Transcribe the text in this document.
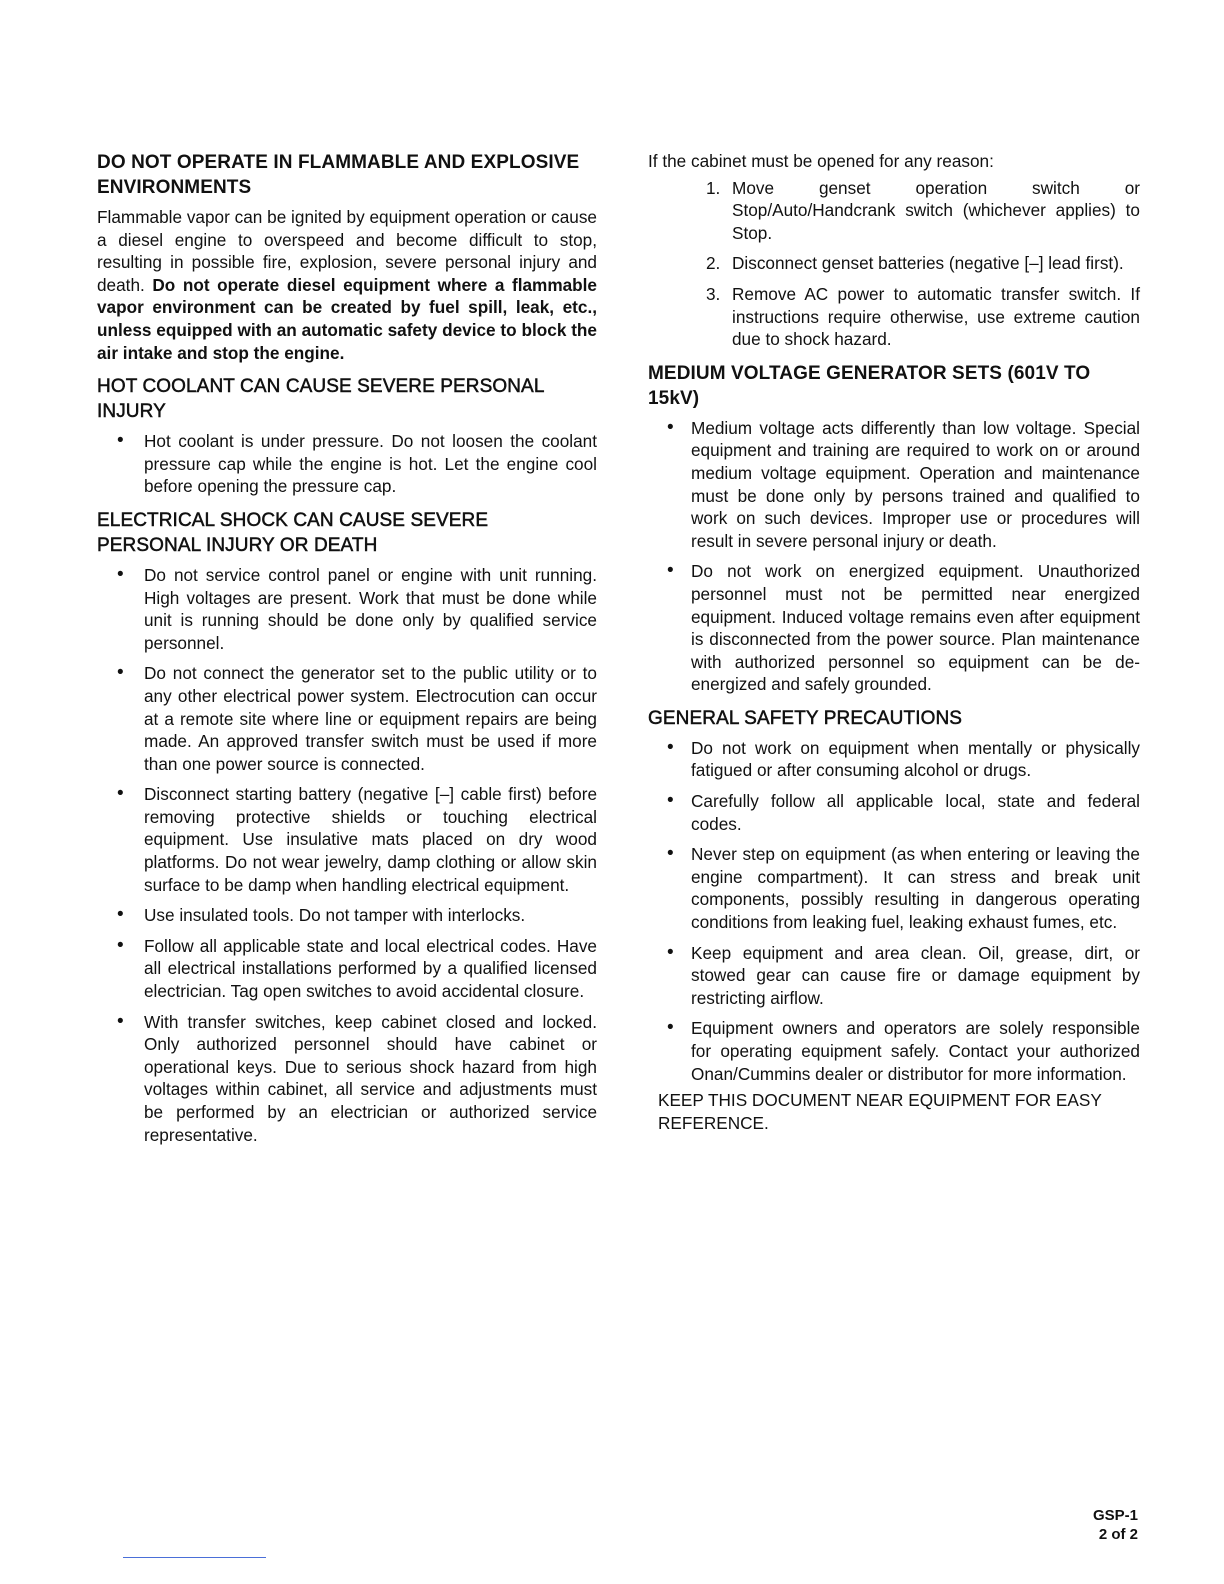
DO NOT OPERATE IN FLAMMABLE AND EXPLOSIVE ENVIRONMENTS

Flammable vapor can be ignited by equipment operation or cause a diesel engine to overspeed and become difficult to stop, resulting in possible fire, explosion, severe personal injury and death. Do not operate diesel equipment where a flammable vapor environment can be created by fuel spill, leak, etc., unless equipped with an automatic safety device to block the air intake and stop the engine.

HOT COOLANT CAN CAUSE SEVERE PERSONAL INJURY
• Hot coolant is under pressure. Do not loosen the coolant pressure cap while the engine is hot. Let the engine cool before opening the pressure cap.
ELECTRICAL SHOCK CAN CAUSE SEVERE PERSONAL INJURY OR DEATH
• Do not service control panel or engine with unit running. High voltages are present. Work that must be done while unit is running should be done only by qualified service personnel.
• Do not connect the generator set to the public utility or to any other electrical power system. Electrocution can occur at a remote site where line or equipment repairs are being made. An approved transfer switch must be used if more than one power source is connected.
• Disconnect starting battery (negative [–] cable first) before removing protective shields or touching electrical equipment. Use insulative mats placed on dry wood platforms. Do not wear jewelry, damp clothing or allow skin surface to be damp when handling electrical equipment.
• Use insulated tools. Do not tamper with interlocks.
• Follow all applicable state and local electrical codes. Have all electrical installations performed by a qualified licensed electrician. Tag open switches to avoid accidental closure.
• With transfer switches, keep cabinet closed and locked. Only authorized personnel should have cabinet or operational keys. Due to serious shock hazard from high voltages within cabinet, all service and adjustments must be performed by an electrician or authorized service representative.

If the cabinet must be opened for any reason:

1. Move genset operation switch or Stop/Auto/Handcrank switch (whichever applies) to Stop.
2. Disconnect genset batteries (negative [–] lead first).
3. Remove AC power to automatic transfer switch. If instructions require otherwise, use extreme caution due to shock hazard.
MEDIUM VOLTAGE GENERATOR SETS (601V TO 15kV)
• Medium voltage acts differently than low voltage. Special equipment and training are required to work on or around medium voltage equipment. Operation and maintenance must be done only by persons trained and qualified to work on such devices. Improper use or procedures will result in severe personal injury or death.
• Do not work on energized equipment. Unauthorized personnel must not be permitted near energized equipment. Induced voltage remains even after equipment is disconnected from the power source. Plan maintenance with authorized personnel so equipment can be de-energized and safely grounded.
GENERAL SAFETY PRECAUTIONS
• Do not work on equipment when mentally or physically fatigued or after consuming alcohol or drugs.
• Carefully follow all applicable local, state and federal codes.
• Never step on equipment (as when entering or leaving the engine compartment). It can stress and break unit components, possibly resulting in dangerous operating conditions from leaking fuel, leaking exhaust fumes, etc.
• Keep equipment and area clean. Oil, grease, dirt, or stowed gear can cause fire or damage equipment by restricting airflow.
• Equipment owners and operators are solely responsible for operating equipment safely. Contact your authorized Onan/Cummins dealer or distributor for more information.

KEEP THIS DOCUMENT NEAR EQUIPMENT FOR EASY REFERENCE.

GSP-1
2 of 2
